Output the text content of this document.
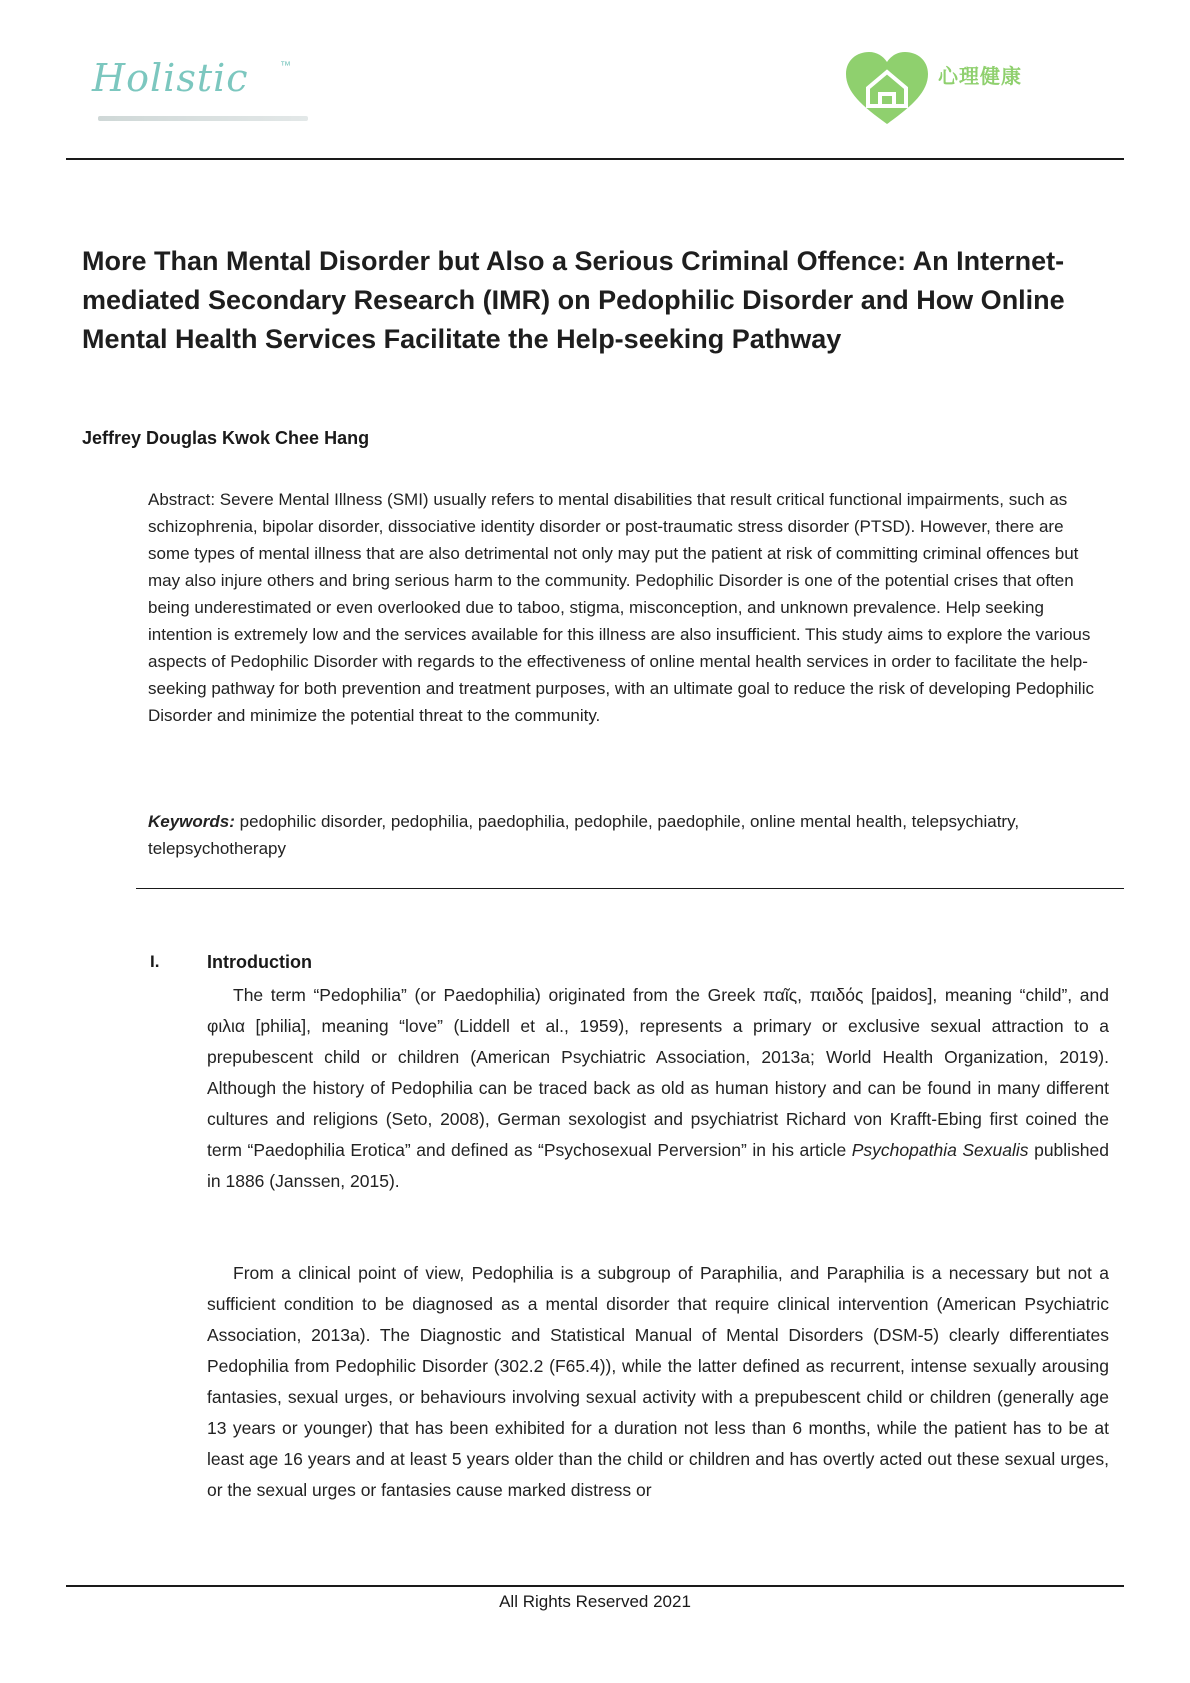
Holistic	™	心理健康
More Than Mental Disorder but Also a Serious Criminal Offence: An Internet-mediated Secondary Research (IMR) on Pedophilic Disorder and How Online Mental Health Services Facilitate the Help-seeking Pathway

Jeffrey Douglas Kwok Chee Hang

Abstract: Severe Mental Illness (SMI) usually refers to mental disabilities that result critical functional impairments, such as schizophrenia, bipolar disorder, dissociative identity disorder or post-traumatic stress disorder (PTSD). However, there are some types of mental illness that are also detrimental not only may put the patient at risk of committing criminal offences but may also injure others and bring serious harm to the community. Pedophilic Disorder is one of the potential crises that often being underestimated or even overlooked due to taboo, stigma, misconception, and unknown prevalence. Help seeking intention is extremely low and the services available for this illness are also insufficient. This study aims to explore the various aspects of Pedophilic Disorder with regards to the effectiveness of online mental health services in order to facilitate the help-seeking pathway for both prevention and treatment purposes, with an ultimate goal to reduce the risk of developing Pedophilic Disorder and minimize the potential threat to the community.

Keywords: pedophilic disorder, pedophilia, paedophilia, pedophile, paedophile, online mental health, telepsychiatry, telepsychotherapy

I.	Introduction

The term “Pedophilia” (or Paedophilia) originated from the Greek παῖς, παιδός [paidos], meaning “child”, and φιλια [philia], meaning “love” (Liddell et al., 1959), represents a primary or exclusive sexual attraction to a prepubescent child or children (American Psychiatric Association, 2013a; World Health Organization, 2019). Although the history of Pedophilia can be traced back as old as human history and can be found in many different cultures and religions (Seto, 2008), German sexologist and psychiatrist Richard von Krafft-Ebing first coined the term “Paedophilia Erotica” and defined as “Psychosexual Perversion” in his article Psychopathia Sexualis published in 1886 (Janssen, 2015).

From a clinical point of view, Pedophilia is a subgroup of Paraphilia, and Paraphilia is a necessary but not a sufficient condition to be diagnosed as a mental disorder that require clinical intervention (American Psychiatric Association, 2013a). The Diagnostic and Statistical Manual of Mental Disorders (DSM-5) clearly differentiates Pedophilia from Pedophilic Disorder (302.2 (F65.4)), while the latter defined as recurrent, intense sexually arousing fantasies, sexual urges, or behaviours involving sexual activity with a prepubescent child or children (generally age 13 years or younger) that has been exhibited for a duration not less than 6 months, while the patient has to be at least age 16 years and at least 5 years older than the child or children and has overtly acted out these sexual urges, or the sexual urges or fantasies cause marked distress or

All Rights Reserved 2021
